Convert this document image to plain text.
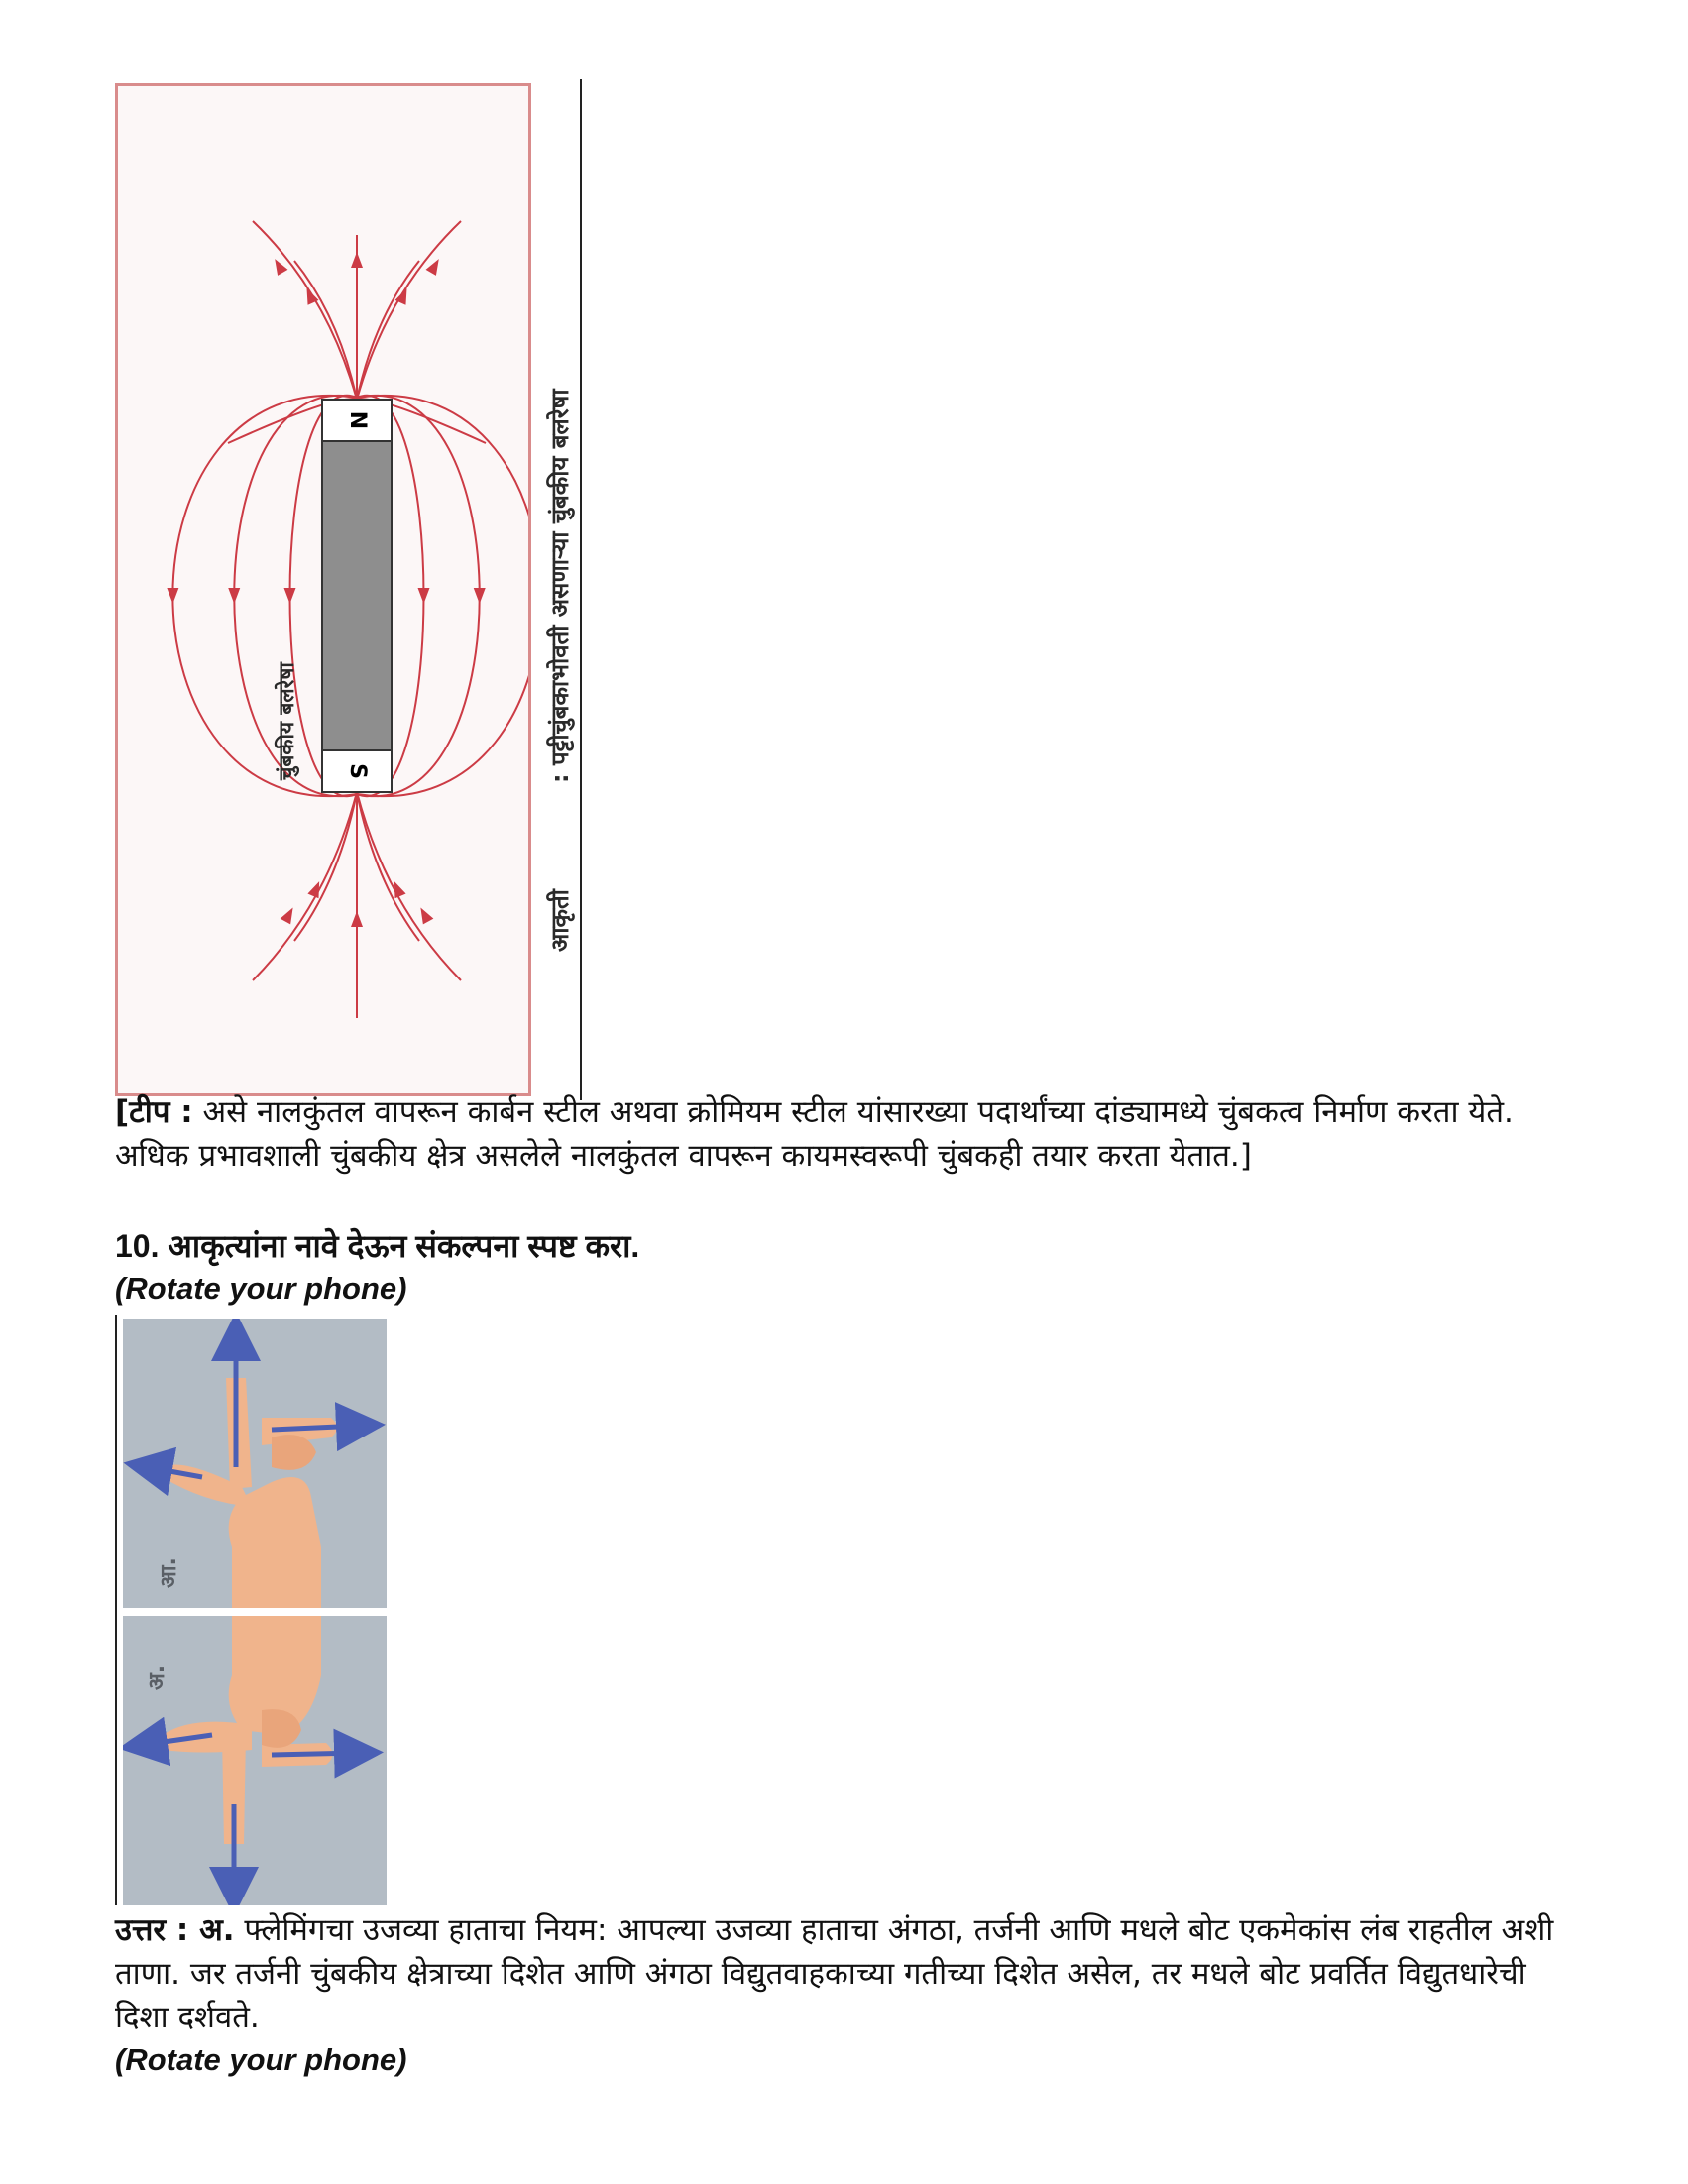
N
S
चुंबकीय बलरेषा	: पट्टीचुंबकाभोवती असणाऱ्या चुंबकीय बलरेषा
आकृती

[टीप : असे नालकुंतल वापरून कार्बन स्टील अथवा क्रोमियम स्टील यांसारख्या पदार्थांच्या दांड्यामध्ये चुंबकत्व निर्माण करता येते. अधिक प्रभावशाली चुंबकीय क्षेत्र असलेले नालकुंतल वापरून कायमस्वरूपी चुंबकही तयार करता येतात.]

10. आकृत्यांना नावे देऊन संकल्पना स्पष्ट करा.
(Rotate your phone)
आ.
अ.

उत्तर : अ. फ्लेमिंगचा उजव्या हाताचा नियम: आपल्या उजव्या हाताचा अंगठा, तर्जनी आणि मधले बोट एकमेकांस लंब राहतील अशी ताणा. जर तर्जनी चुंबकीय क्षेत्राच्या दिशेत आणि अंगठा विद्युतवाहकाच्या गतीच्या दिशेत असेल, तर मधले बोट प्रवर्तित विद्युतधारेची दिशा दर्शवते.

(Rotate your phone)
